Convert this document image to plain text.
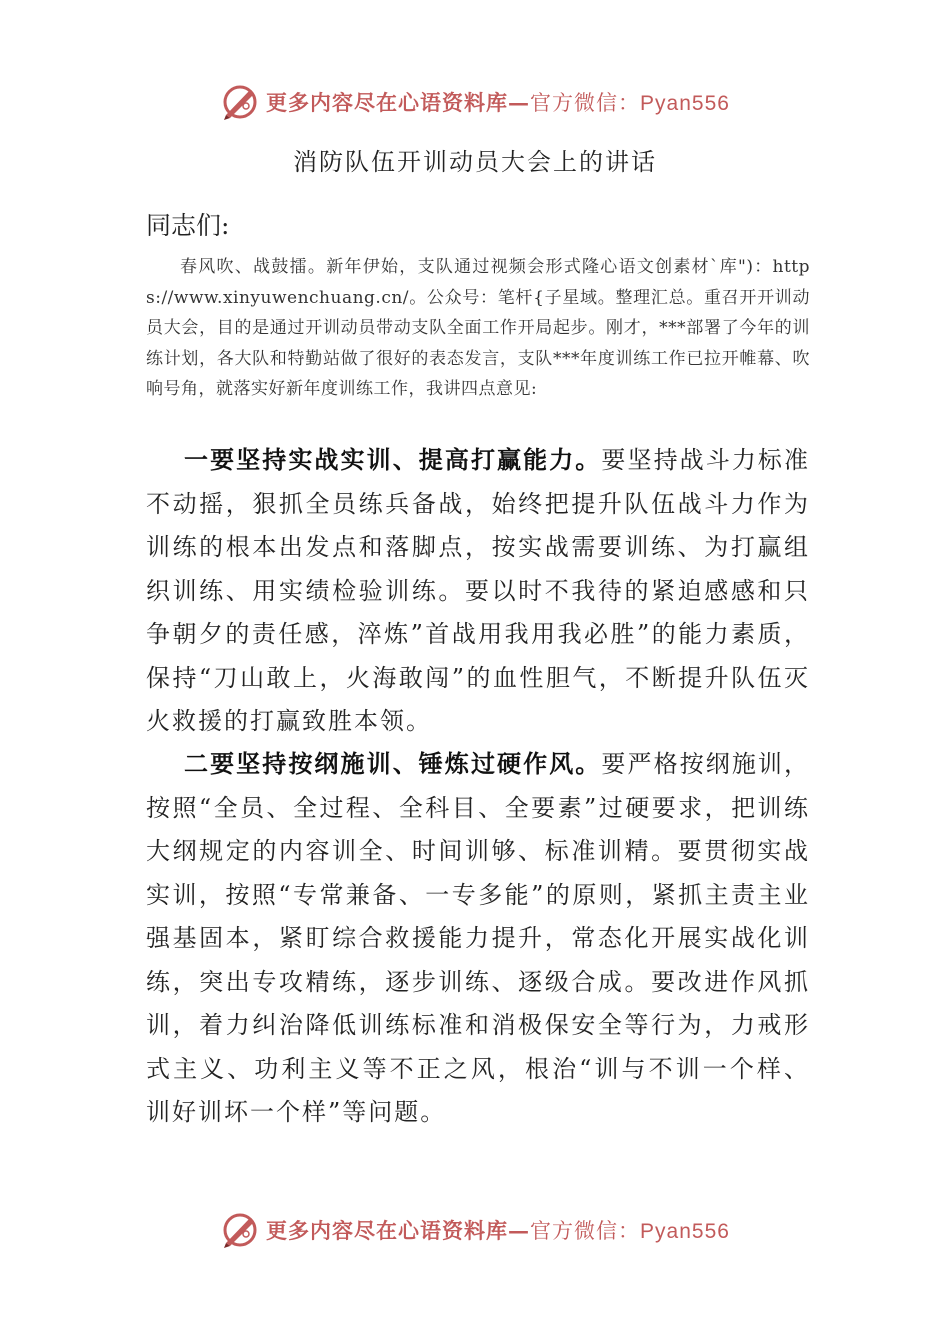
更多内容尽在心语资料库—官方微信：Pyan556
消防队伍开训动员大会上的讲话
同志们:

春风吹、战鼓擂。新年伊始，支队通过视频会形式隆心语文创素材`库")：https://www.xinyuwenchuang.cn/。公众号：笔杆{子星域。整理汇总。重召开开训动员大会，目的是通过开训动员带动支队全面工作开局起步。刚才，***部署了今年的训练计划，各大队和特勤站做了很好的表态发言，支队***年度训练工作已拉开帷幕、吹响号角，就落实好新年度训练工作，我讲四点意见:

一要坚持实战实训、提高打赢能力。要坚持战斗力标准不动摇，狠抓全员练兵备战，始终把提升队伍战斗力作为训练的根本出发点和落脚点，按实战需要训练、为打赢组织训练、用实绩检验训练。要以时不我待的紧迫感感和只争朝夕的责任感，淬炼”首战用我用我必胜”的能力素质，保持“刀山敢上，火海敢闯”的血性胆气，不断提升队伍灭火救援的打赢致胜本领。

二要坚持按纲施训、锤炼过硬作风。要严格按纲施训，按照“全员、全过程、全科目、全要素”过硬要求，把训练大纲规定的内容训全、时间训够、标准训精。要贯彻实战实训，按照“专常兼备、一专多能”的原则，紧抓主责主业强基固本，紧盯综合救援能力提升，常态化开展实战化训练，突出专攻精练，逐步训练、逐级合成。要改进作风抓训，着力纠治降低训练标准和消极保安全等行为，力戒形式主义、功利主义等不正之风，根治“训与不训一个样、训好训坏一个样”等问题。

更多内容尽在心语资料库—官方微信：Pyan556
